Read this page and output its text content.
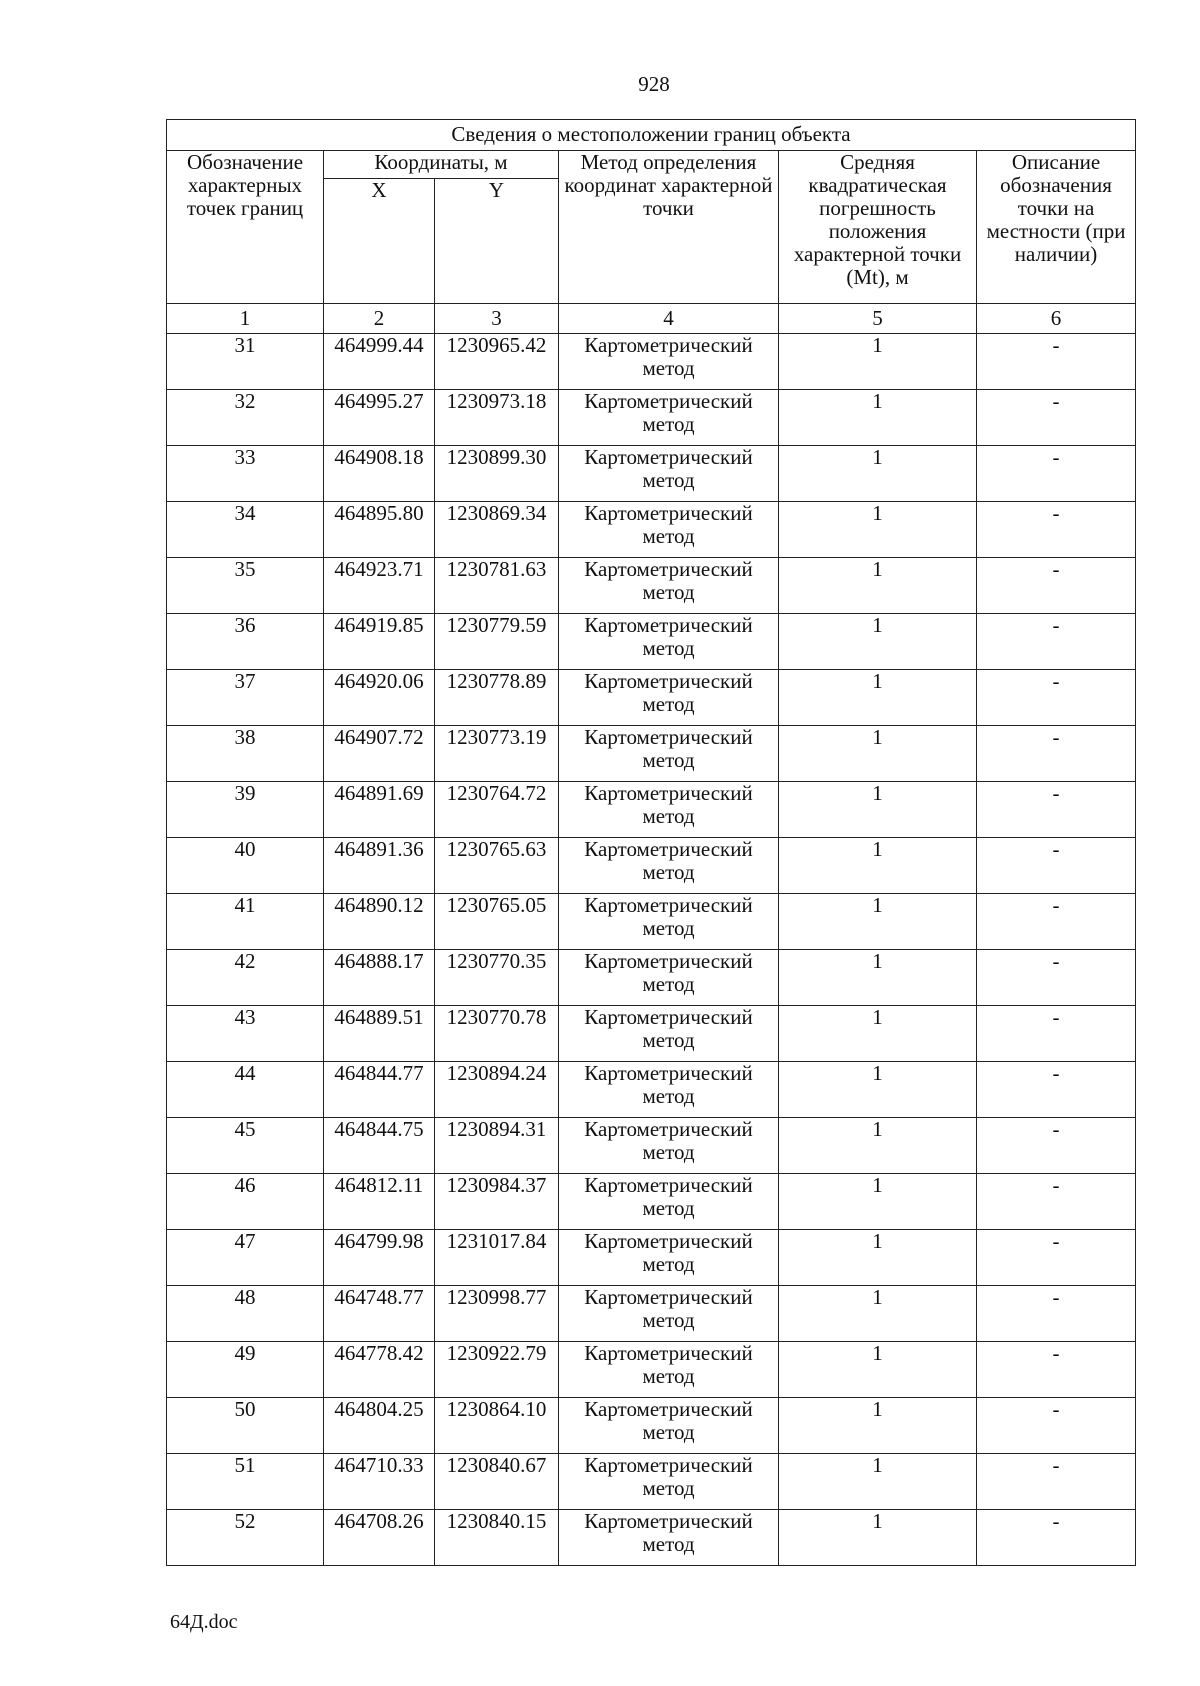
928
Сведения о местоположении границ объекта					
Обозначение характерных точек границ	Координаты, м		Метод определения координат характерной точки	Средняя квадратическая погрешность положения характерной точки (Mt), м	Описание обозначения точки на местности (при наличии)
	X	Y			
1	2	3	4	5	6
31	464999.44	1230965.42	Картометрический метод	1	-
32	464995.27	1230973.18	Картометрический метод	1	-
33	464908.18	1230899.30	Картометрический метод	1	-
34	464895.80	1230869.34	Картометрический метод	1	-
35	464923.71	1230781.63	Картометрический метод	1	-
36	464919.85	1230779.59	Картометрический метод	1	-
37	464920.06	1230778.89	Картометрический метод	1	-
38	464907.72	1230773.19	Картометрический метод	1	-
39	464891.69	1230764.72	Картометрический метод	1	-
40	464891.36	1230765.63	Картометрический метод	1	-
41	464890.12	1230765.05	Картометрический метод	1	-
42	464888.17	1230770.35	Картометрический метод	1	-
43	464889.51	1230770.78	Картометрический метод	1	-
44	464844.77	1230894.24	Картометрический метод	1	-
45	464844.75	1230894.31	Картометрический метод	1	-
46	464812.11	1230984.37	Картометрический метод	1	-
47	464799.98	1231017.84	Картометрический метод	1	-
48	464748.77	1230998.77	Картометрический метод	1	-
49	464778.42	1230922.79	Картометрический метод	1	-
50	464804.25	1230864.10	Картометрический метод	1	-
51	464710.33	1230840.67	Картометрический метод	1	-
52	464708.26	1230840.15	Картометрический метод	1	-
64Д.doc
